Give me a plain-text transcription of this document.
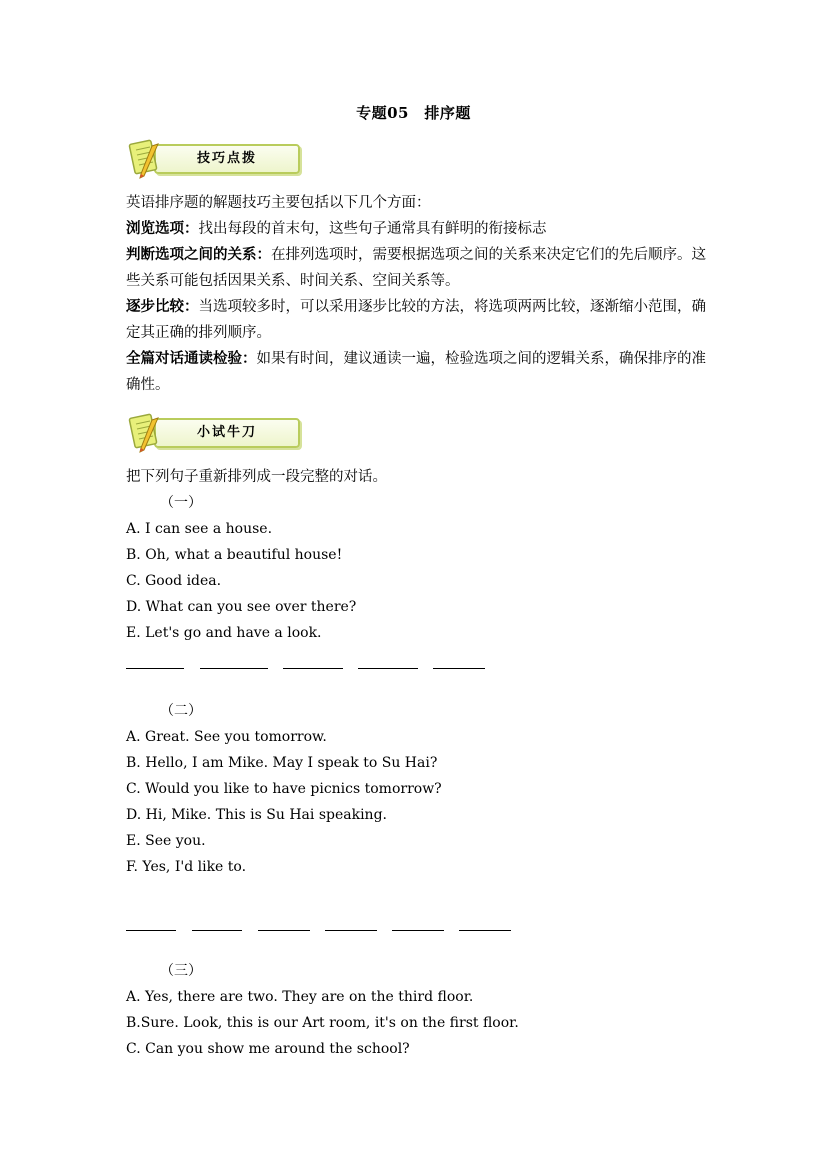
专题05　排序题
技巧点拨

英语排序题的解题技巧主要包括以下几个方面：

浏览选项：找出每段的首末句，这些句子通常具有鲜明的衔接标志

判断选项之间的关系：在排列选项时，需要根据选项之间的关系来决定它们的先后顺序。这些关系可能包括因果关系、时间关系、空间关系等。

逐步比较：当选项较多时，可以采用逐步比较的方法，将选项两两比较，逐渐缩小范围，确定其正确的排列顺序。

全篇对话通读检验：如果有时间，建议通读一遍，检验选项之间的逻辑关系，确保排序的准确性。

小试牛刀

把下列句子重新排列成一段完整的对话。

（一）
A. I can see a house.
B. Oh, what a beautiful house!
C. Good idea.
D. What can you see over there?
E. Let's go and have a look.
（二）
A. Great. See you tomorrow.
B. Hello, I am Mike. May I speak to Su Hai?
C. Would you like to have picnics tomorrow?
D. Hi, Mike. This is Su Hai speaking.
E. See you.
F. Yes, I'd like to.
（三）
A. Yes, there are two. They are on the third floor.
B.Sure. Look, this is our Art room, it's on the first floor.
C. Can you show me around the school?
